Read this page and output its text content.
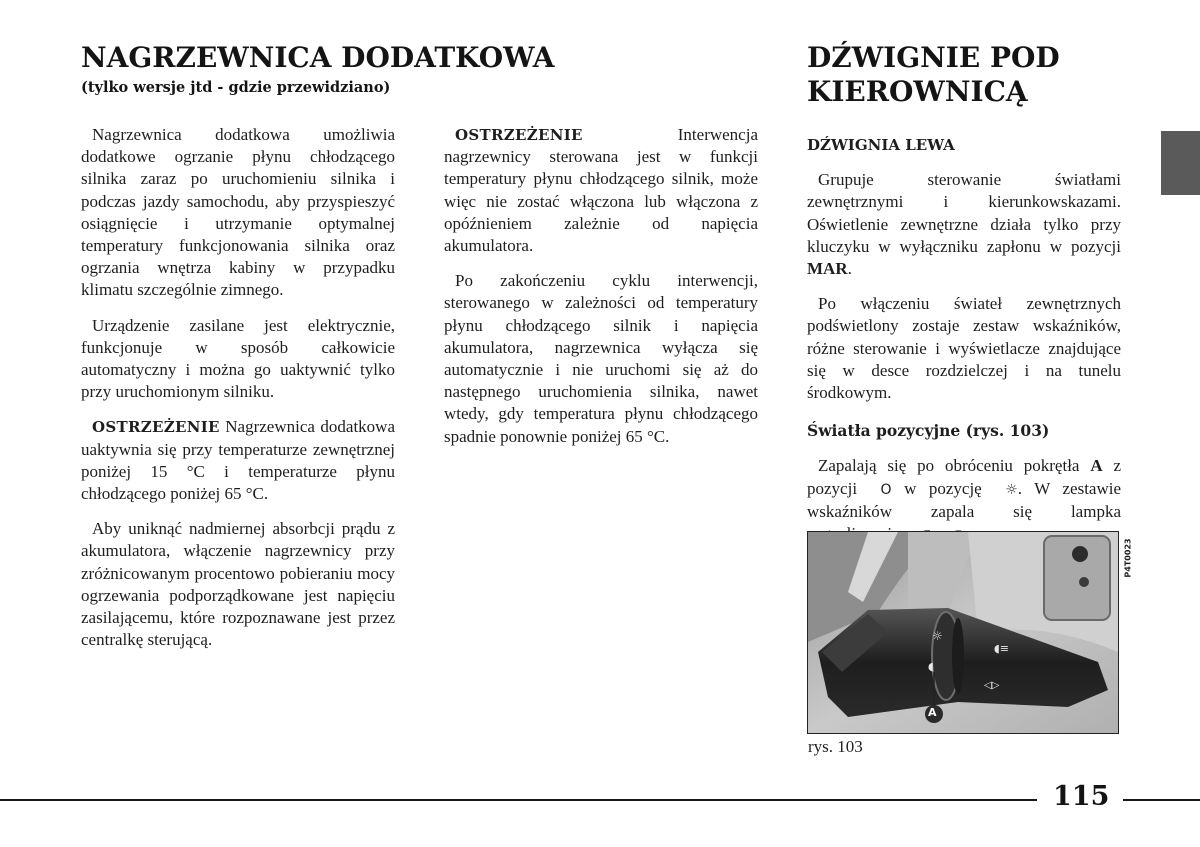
NAGRZEWNICA DODATKOWA
(tylko wersje jtd - gdzie przewidziano)

Nagrzewnica dodatkowa umożliwia dodatkowe ogrzanie płynu chłodzącego silnika zaraz po uruchomieniu silnika i podczas jazdy samochodu, aby przyspieszyć osiągnięcie i utrzymanie optymalnej temperatury funkcjonowania silnika oraz ogrzania wnętrza kabiny w przypadku klimatu szczególnie zimnego.

Urządzenie zasilane jest elektrycznie, funkcjonuje w sposób całkowicie automatyczny i można go uaktywnić tylko przy uruchomionym silniku.

OSTRZEŻENIE Nagrzewnica dodatkowa uaktywnia się przy temperaturze zewnętrznej poniżej 15 °C i temperaturze płynu chłodzącego poniżej 65 °C.

Aby uniknąć nadmiernej absorbcji prądu z akumulatora, włączenie nagrzewnicy przy zróżnicowanym procentowo pobieraniu mocy ogrzewania podporządkowane jest napięciu zasilającemu, które rozpoznawane jest przez centralkę sterującą.

OSTRZEŻENIE Interwencja nagrzewnicy sterowana jest w funkcji temperatury płynu chłodzącego silnik, może więc nie zostać włączona lub włączona z opóźnieniem zależnie od napięcia akumulatora.

Po zakończeniu cyklu interwencji, sterowanego w zależności od temperatury płynu chłodzącego silnik i napięcia akumulatora, nagrzewnica wyłącza się automatycznie i nie uruchomi się aż do następnego uruchomienia silnika, nawet wtedy, gdy temperatura płynu chłodzącego spadnie ponownie poniżej 65 °C.

DŹWIGNIE POD
KIEROWNICĄ

DŹWIGNIA LEWA

Grupuje sterowanie światłami zewnętrznymi i kierunkowskazami. Oświetlenie zewnętrzne działa tylko przy kluczyku w wyłączniku zapłonu w pozycji MAR.

Po włączeniu świateł zewnętrznych podświetlony zostaje zestaw wskaźników, różne sterowanie i wyświetlacze znajdujące się w desce rozdzielczej i na tunelu środkowym.

Światła pozycyjne (rys. 103)

Zapalają się po obróceniu pokrętła A z pozycji O w pozycję ☼. W zestawie wskaźników zapala się lampka

☼
◖
◖≡
◁▷
A
P4T0023
rys. 103
115
